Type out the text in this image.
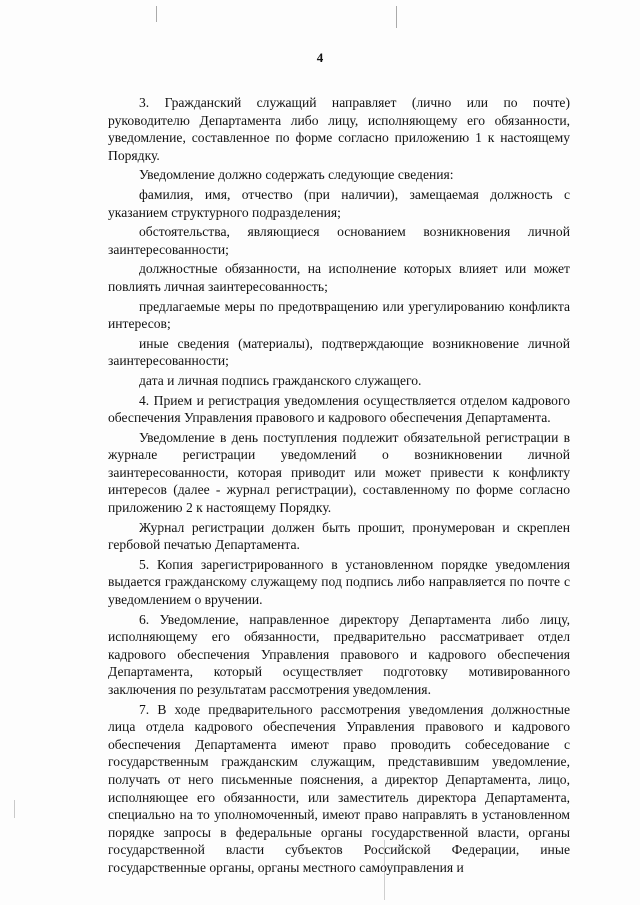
4

3. Гражданский служащий направляет (лично или по почте) руководителю Департамента либо лицу, исполняющему его обязанности, уведомление, составленное по форме согласно приложению 1 к настоящему Порядку.

Уведомление должно содержать следующие сведения:

фамилия, имя, отчество (при наличии), замещаемая должность с указанием структурного подразделения;

обстоятельства, являющиеся основанием возникновения личной заинтересованности;

должностные обязанности, на исполнение которых влияет или может повлиять личная заинтересованность;

предлагаемые меры по предотвращению или урегулированию конфликта интересов;

иные сведения (материалы), подтверждающие возникновение личной заинтересованности;

дата и личная подпись гражданского служащего.

4. Прием и регистрация уведомления осуществляется отделом кадрового обеспечения Управления правового и кадрового обеспечения Департамента.

Уведомление в день поступления подлежит обязательной регистрации в журнале регистрации уведомлений о возникновении личной заинтересованности, которая приводит или может привести к конфликту интересов (далее - журнал регистрации), составленному по форме согласно приложению 2 к настоящему Порядку.

Журнал регистрации должен быть прошит, пронумерован и скреплен гербовой печатью Департамента.

5. Копия зарегистрированного в установленном порядке уведомления выдается гражданскому служащему под подпись либо направляется по почте с уведомлением о вручении.

6. Уведомление, направленное директору Департамента либо лицу, исполняющему его обязанности, предварительно рассматривает отдел кадрового обеспечения Управления правового и кадрового обеспечения Департамента, который осуществляет подготовку мотивированного заключения по результатам рассмотрения уведомления.

7. В ходе предварительного рассмотрения уведомления должностные лица отдела кадрового обеспечения Управления правового и кадрового обеспечения Департамента имеют право проводить собеседование с государственным гражданским служащим, представившим уведомление, получать от него письменные пояснения, а директор Департамента, лицо, исполняющее его обязанности, или заместитель директора Департамента, специально на то уполномоченный, имеют право направлять в установленном порядке запросы в федеральные органы государственной власти, органы государственной власти субъектов Российской Федерации, иные государственные органы, органы местного самоуправления и
